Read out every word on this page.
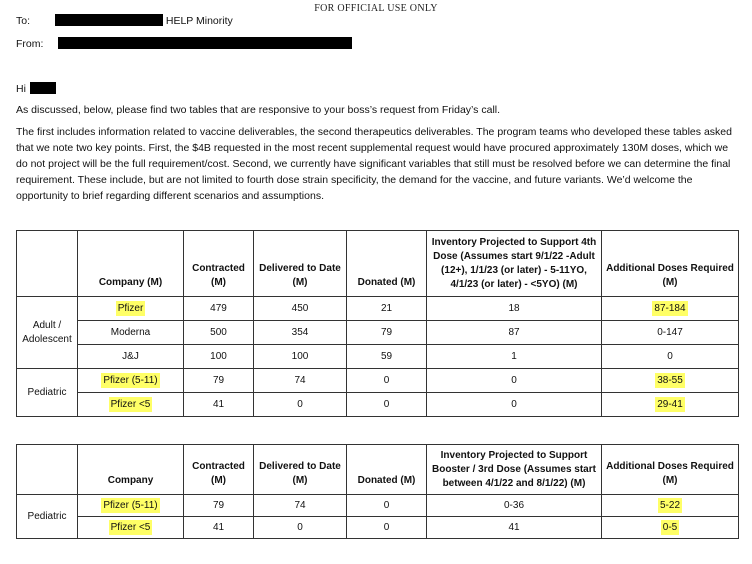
FOR OFFICIAL USE ONLY
To:	HELP Minority
From:
Hi

As discussed, below, please find two tables that are responsive to your boss’s request from Friday’s call.

The first includes information related to vaccine deliverables, the second therapeutics deliverables. The program teams who developed these tables asked that we note two key points. First, the $4B requested in the most recent supplemental request would have procured approximately 130M doses, which we do not project will be the full requirement/cost. Second, we currently have significant variables that still must be resolved before we can determine the final requirement. These include, but are not limited to fourth dose strain specificity, the demand for the vaccine, and future variants. We’d welcome the opportunity to brief regarding different scenarios and assumptions.

	Company (M)	Contracted (M)	Delivered to Date (M)	Donated (M)	Inventory Projected to Support 4th Dose (Assumes start 9/1/22 -Adult (12+), 1/1/23 (or later) - 5-11YO, 4/1/23 (or later) - <5YO) (M)	Additional Doses Required (M)
Adult / Adolescent	Pfizer	479	450	21	18	87-184
	Moderna	500	354	79	87	0-147
	J&J	100	100	59	1	0
Pediatric	Pfizer (5-11)	79	74	0	0	38-55
	Pfizer <5	41	0	0	0	29-41
	Company	Contracted (M)	Delivered to Date (M)	Donated (M)	Inventory Projected to Support Booster / 3rd Dose (Assumes start between 4/1/22 and 8/1/22) (M)	Additional Doses Required (M)
Pediatric	Pfizer (5-11)	79	74	0	0-36	5-22
	Pfizer <5	41	0	0	41	0-5
